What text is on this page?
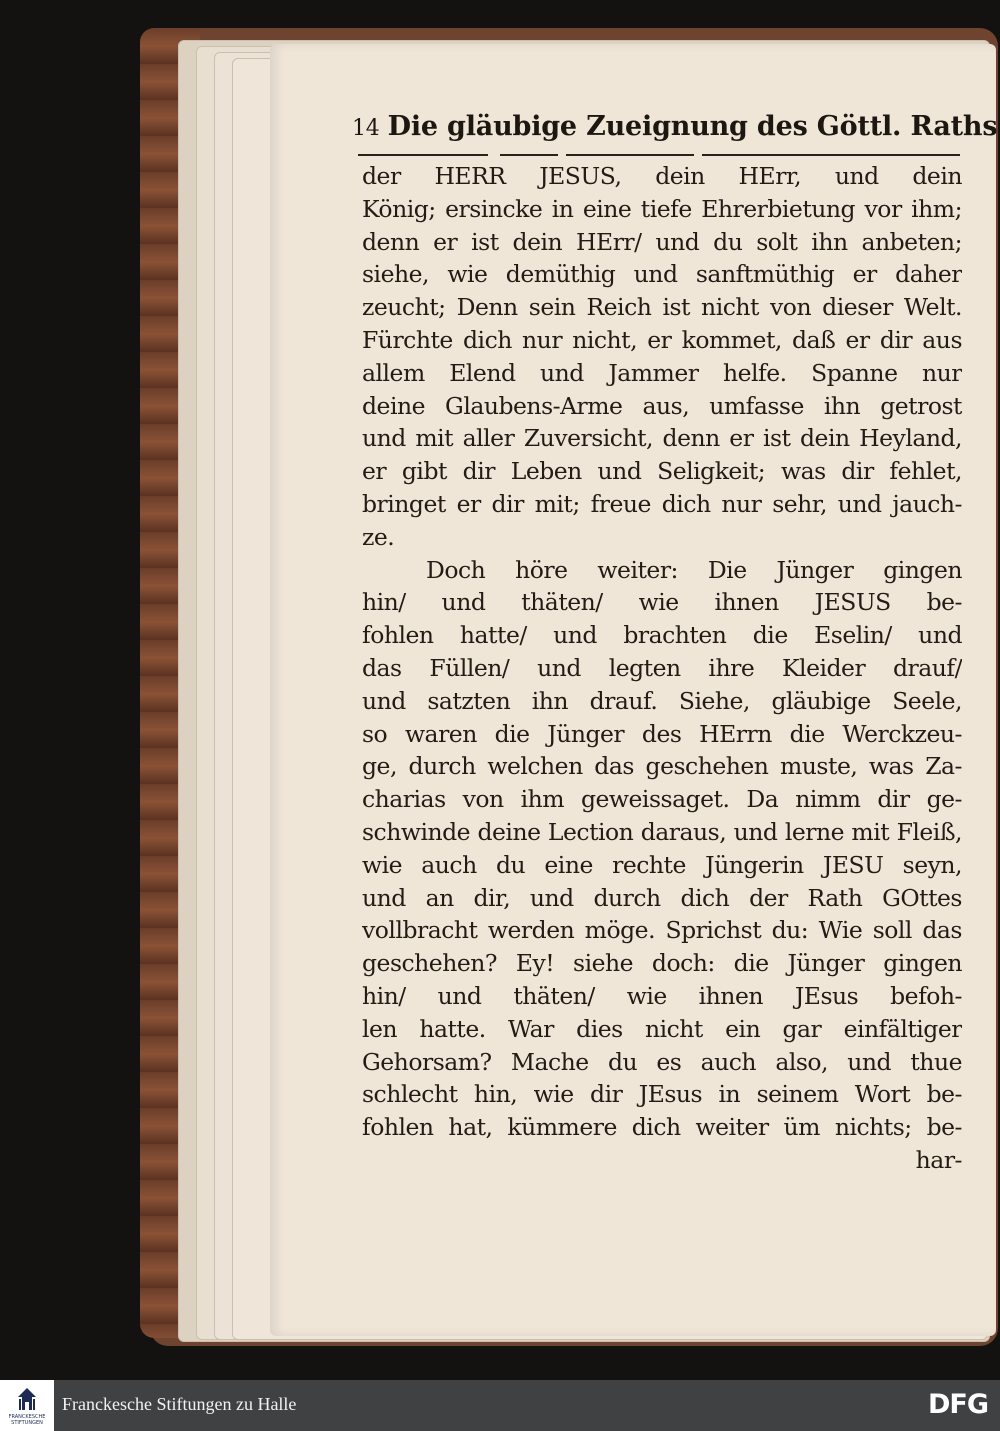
14 Die gläubige Zueignung des Göttl. Raths
der HERR JESUS, dein HErr, und dein
König; ersincke in eine tiefe Ehrerbietung vor ihm;
denn er ist dein HErr/ und du solt ihn anbeten;
siehe, wie demüthig und sanftmüthig er daher
zeucht; Denn sein Reich ist nicht von dieser Welt.
Fürchte dich nur nicht, er kommet, daß er dir aus
allem Elend und Jammer helfe. Spanne nur
deine Glaubens-Arme aus, umfasse ihn getrost
und mit aller Zuversicht, denn er ist dein Heyland,
er gibt dir Leben und Seligkeit; was dir fehlet,
bringet er dir mit; freue dich nur sehr, und jauch-
ze.
Doch höre weiter: Die Jünger gingen
hin/ und thäten/ wie ihnen JESUS be-
fohlen hatte/ und brachten die Eselin/ und
das Füllen/ und legten ihre Kleider drauf/
und satzten ihn drauf. Siehe, gläubige Seele,
so waren die Jünger des HErrn die Werckzeu-
ge, durch welchen das geschehen muste, was Za-
charias von ihm geweissaget. Da nimm dir ge-
schwinde deine Lection daraus, und lerne mit Fleiß,
wie auch du eine rechte Jüngerin JESU seyn,
und an dir, und durch dich der Rath GOttes
vollbracht werden möge. Sprichst du: Wie soll das
geschehen? Ey! siehe doch: die Jünger gingen
hin/ und thäten/ wie ihnen JEsus befoh-
len hatte. War dies nicht ein gar einfältiger
Gehorsam? Mache du es auch also, und thue
schlecht hin, wie dir JEsus in seinem Wort be-
fohlen hat, kümmere dich weiter üm nichts; be-
har-
FRANCKESCHE STIFTUNGEN
Franckesche Stiftungen zu Halle	DFG
